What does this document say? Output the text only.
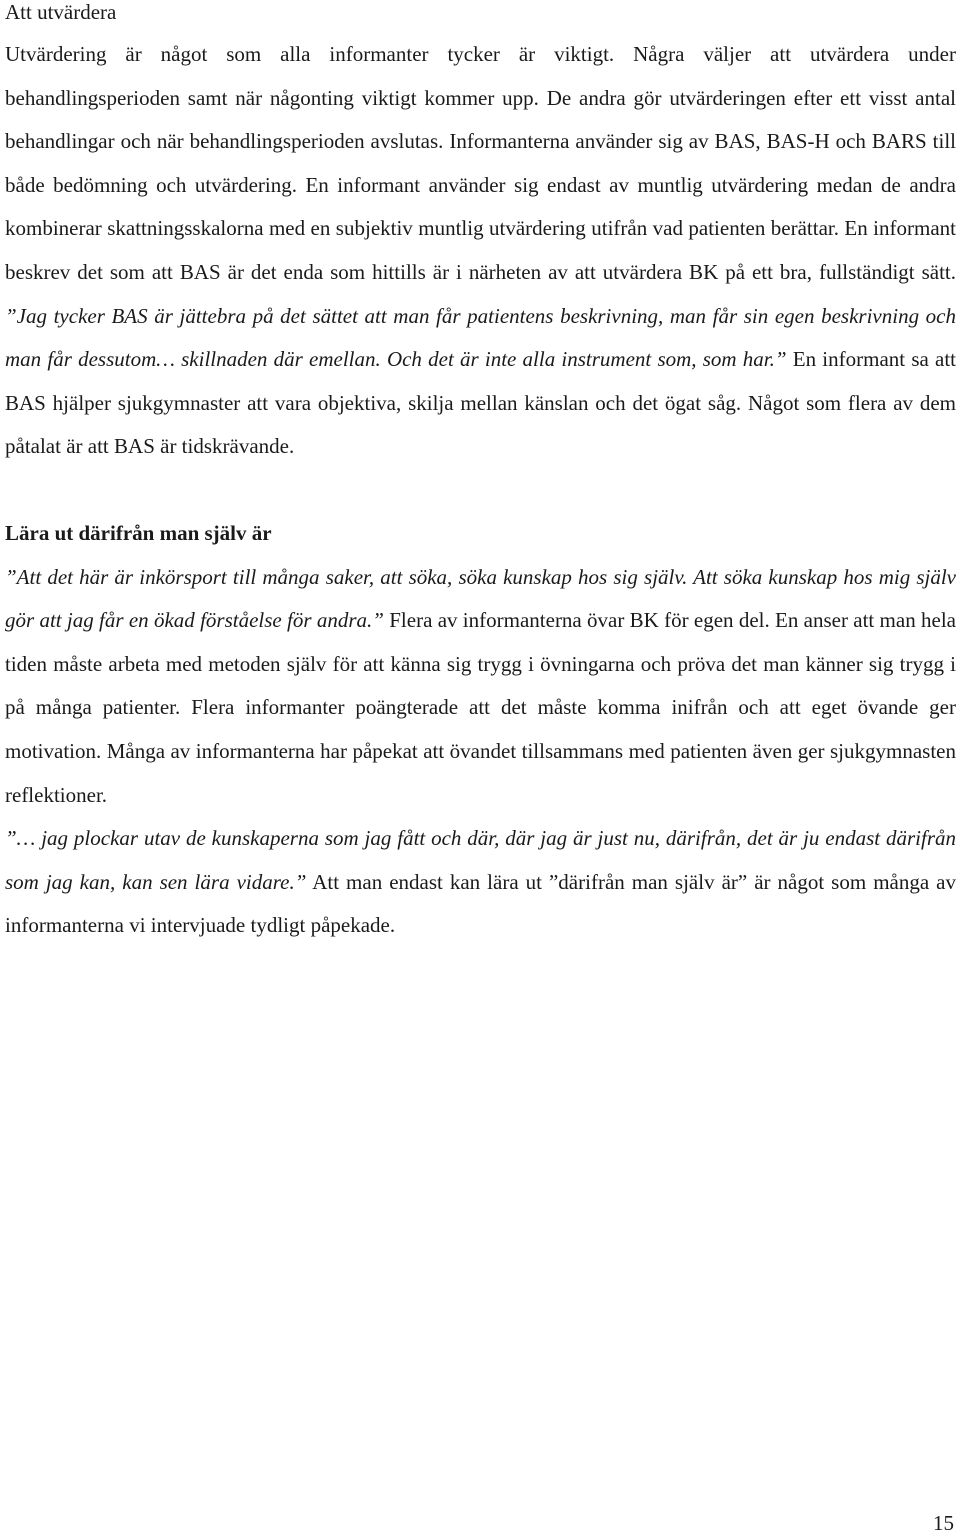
Att utvärdera

Utvärdering är något som alla informanter tycker är viktigt. Några väljer att utvärdera under behandlingsperioden samt när någonting viktigt kommer upp. De andra gör utvärderingen efter ett visst antal behandlingar och när behandlingsperioden avslutas. Informanterna använder sig av BAS, BAS-H och BARS till både bedömning och utvärdering. En informant använder sig endast av muntlig utvärdering medan de andra kombinerar skattningsskalorna med en subjektiv muntlig utvärdering utifrån vad patienten berättar. En informant beskrev det som att BAS är det enda som hittills är i närheten av att utvärdera BK på ett bra, fullständigt sätt. ”Jag tycker BAS är jättebra på det sättet att man får patientens beskrivning, man får sin egen beskrivning och man får dessutom… skillnaden där emellan. Och det är inte alla instrument som, som har.” En informant sa att BAS hjälper sjukgymnaster att vara objektiva, skilja mellan känslan och det ögat såg. Något som flera av dem påtalat är att BAS är tidskrävande.

Lära ut därifrån man själv är

”Att det här är inkörsport till många saker, att söka, söka kunskap hos sig själv. Att söka kunskap hos mig själv gör att jag får en ökad förståelse för andra.” Flera av informanterna övar BK för egen del. En anser att man hela tiden måste arbeta med metoden själv för att känna sig trygg i övningarna och pröva det man känner sig trygg i på många patienter. Flera informanter poängterade att det måste komma inifrån och att eget övande ger motivation. Många av informanterna har påpekat att övandet tillsammans med patienten även ger sjukgymnasten reflektioner.

”… jag plockar utav de kunskaperna som jag fått och där, där jag är just nu, därifrån, det är ju endast därifrån som jag kan, kan sen lära vidare.” Att man endast kan lära ut ”därifrån man själv är” är något som många av informanterna vi intervjuade tydligt påpekade.

15
